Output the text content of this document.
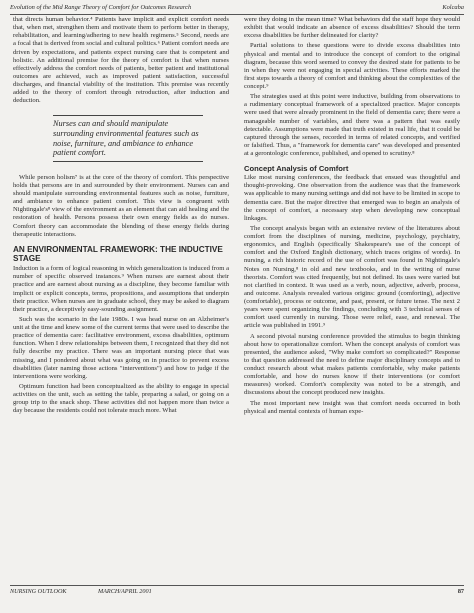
Evolution of the Mid Range Theory of Comfort for Outcomes Research	Kolcaba

that directs human behavior.⁴ Patients have implicit and explicit comfort needs that, when met, strengthen them and motivate them to perform better in therapy, rehabilitation, and learning/adhering to new health regimens.⁵ Second, needs are a focal that is derived from social and cultural politics.⁶ Patient comfort needs are driven by expectations, and patients expect nursing care that is competent and holistic. An additional premise for the theory of comfort is that when nurses effectively address the comfort needs of patients, better patient and institutional outcomes are achieved, such as improved patient satisfaction, successful discharges, and financial viability of the institution. This premise was recently added to the theory of comfort through retroduction, after induction and deduction.

Nurses can and should manipulate surrounding environmental features such as noise, furniture, and ambiance to enhance patient comfort.

While person holism⁷ is at the core of the theory of comfort. This perspective holds that persons are in and surrounded by their environment. Nurses can and should manipulate surrounding environmental features such as noise, furniture, and ambiance to enhance patient comfort. This view is congruent with Nightingale's⁸ view of the environment as an element that can aid healing and the restoration of health. Persons possess their own energy fields as do nurses. Comfort theory can accommodate the blending of these energy fields during therapeutic interactions.

AN ENVIRONMENTAL FRAMEWORK: THE INDUCTIVE STAGE

Induction is a form of logical reasoning in which generalization is induced from a number of specific observed instances.⁹ When nurses are earnest about their practice and are earnest about nursing as a discipline, they become familiar with implicit or explicit concepts, terms, propositions, and assumptions that underpin their practice. When nurses are in graduate school, they may be asked to diagram their practice, a deceptively easy-sounding assignment.

Such was the scenario in the late 1980s. I was head nurse on an Alzheimer's unit at the time and knew some of the current terms that were used to describe the practice of dementia care: facilitative environment, excess disabilities, optimum function. When I drew relationships between them, I recognized that they did not fully describe my practice. There was an important nursing piece that was missing, and I pondered about what was going on in practice to prevent excess disabilities (later naming those actions "interventions") and how to judge if the interventions were working.

Optimum function had been conceptualized as the ability to engage in special activities on the unit, such as setting the table, preparing a salad, or going on a group trip to the snack shop. These activities did not happen more than twice a day because the residents could not tolerate much more. What

were they doing in the mean time? What behaviors did the staff hope they would exhibit that would indicate an absence of excess disabilities? Should the term excess disabilities be further delineated for clarity?

Partial solutions to these questions were to divide excess disabilities into physical and mental and to introduce the concept of comfort to the original diagram, because this word seemed to convey the desired state for patients to be in when they were not engaging in special activities. These efforts marked the first steps towards a theory of comfort and thinking about the complexities of the concept.⁹

The strategies used at this point were inductive, building from observations to a rudimentary conceptual framework of a specialized practice. Major concepts were used that were already prominent in the field of dementia care; there were a manageable number of variables, and there was a pattern that was easily detectable. Assumptions were made that truth existed in real life, that it could be captured through the senses, recorded in terms of related concepts, and verified or falsified. Thus, a "framework for dementia care" was developed and presented at a gerontologic conference, published, and opened to scrutiny.⁸

Concept Analysis of Comfort

Like most nursing conferences, the feedback that ensued was thoughtful and thought-provoking. One observation from the audience was that the framework was applicable to many nursing settings and did not have to be limited in scope to dementia care. But the major directive that emerged was to begin an analysis of the concept of comfort, a necessary step when developing new conceptual linkages.

The concept analysis began with an extensive review of the literatures about comfort from the disciplines of nursing, medicine, psychology, psychiatry, ergonomics, and English (specifically Shakespeare's use of the concept of comfort and the Oxford English dictionary, which traces origins of words). In nursing, a rich historic record of the use of comfort was found in Nightingale's Notes on Nursing,⁸ in old and new textbooks, and in the writing of nurse theorists. Comfort was cited frequently, but not defined. Its uses were varied but not clarified in context. It was used as a verb, noun, adjective, adverb, process, and outcome. Analysis revealed various origins: ground (comforting), adjective (comfortable), process or outcome, and past, present, or future tense. The next 2 years were spent organizing the findings, concluding with 3 technical senses of comfort used currently in nursing. Those were relief, ease, and renewal. The article was published in 1991.⁹

A second pivotal nursing conference provided the stimulus to begin thinking about how to operationalize comfort. When the concept analysis of comfort was presented, the audience asked, "Why make comfort so complicated?" Response to that question addressed the need to define major disciplinary concepts and to conduct research about what makes patients comfortable, why make patients comfortable, and how do nurses know if their interventions (or comfort measures) worked. Comfort's complexity was noted to be a strength, and discussions about the concept produced new insights.

The most important new insight was that comfort needs occurred in both physical and mental contexts of human expe-

NURSING OUTLOOK	MARCH/APRIL 2001	87
